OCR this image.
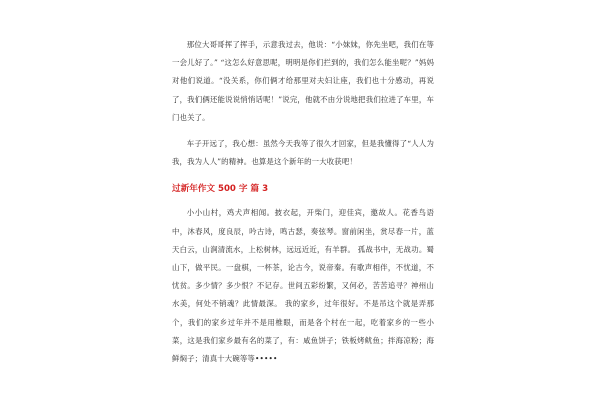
那位大哥哥挥了挥手，示意我过去，他说：“小妹妹，你先坐吧，我们在等一会儿好了。” “这怎么好意思呢，明明是你们拦到的，我们怎么能坐呢？”妈妈对他们说道。“没关系，你们俩才给那里对夫妇让座，我们也十分感动，再说了，我们俩还能说说悄悄话呢！”说完，他就不由分说地把我们拉进了车里，车门也关了。

车子开远了，我心想：虽然今天我等了很久才回家，但是我懂得了“人人为我，我为人人”的精神。也算是这个新年的一大收获吧！

过新年作文 500 字 篇 3

小小山村，鸡犬声相闻。披衣起，开柴门，迎佳宾，邀故人。花香鸟语中，沐春风，度良辰，吟古诗，鸣古瑟，奏弦琴。窗前闲坐，赏尽春一片，蓝天白云，山涧清流水，上松树林，远远近近，有羊群。 孤战书中，无战功。蜀山下，做平民。一盘棋，一杯茶，论古今，说帝秦。有歌声相伴，不忧道，不忧贫。多少情？多少恨？不记存。世间五彩纷繁，又何必，苦苦追寻？神州山水美，何处不销魂？此情最深。 我的家乡，过年很好。不是吊这个就是弄那个，我们的家乡过年并不是用椎眼，而是各个村在一起，吃着家乡的一些小菜，这是我们家乡最有名的菜了，有：咸鱼饼子；铁板烤鱿鱼；拌海凉粉；海鲜焖子；清真十大碗等等•••••
